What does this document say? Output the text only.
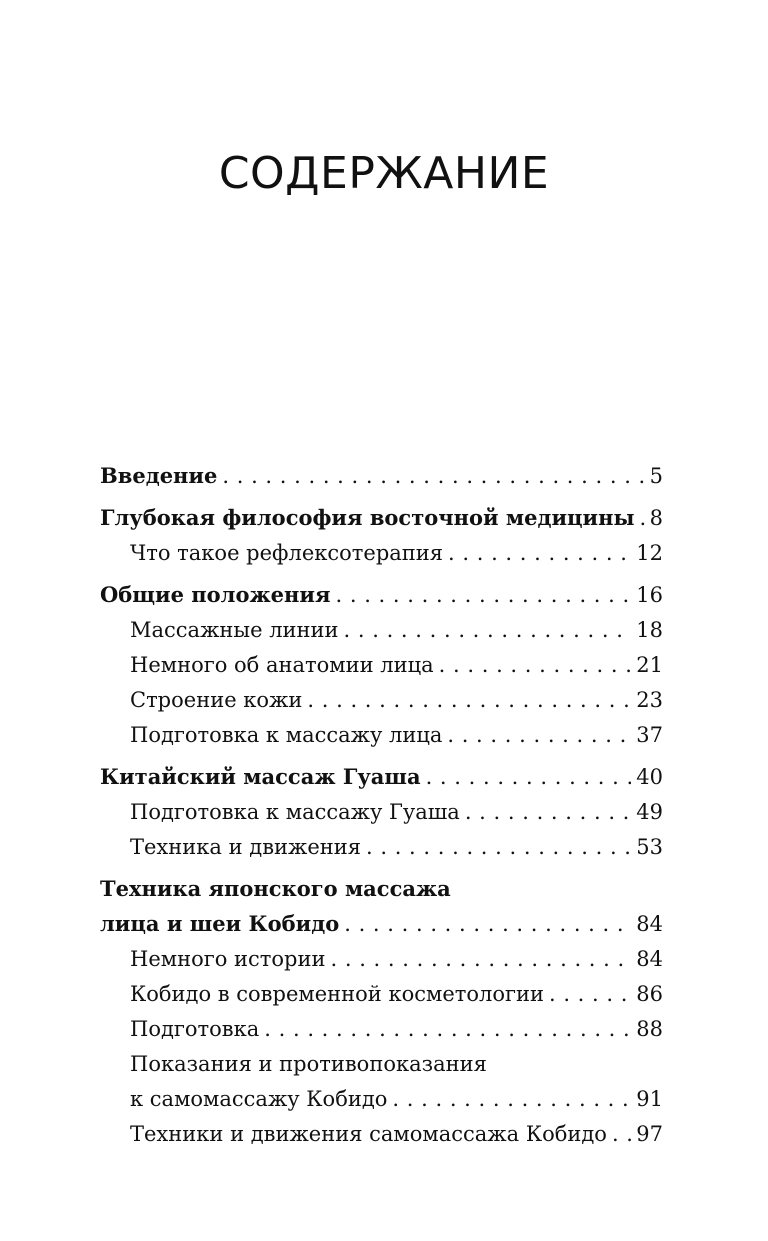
СОДЕРЖАНИЕ
Введение . . .	5
Глубокая философия восточной медицины . . . 8
Что такое рефлексотерапия . . .	12
Общие положения . . .	16
Массажные линии . . .	18
Немного об анатомии лица . . .	21
Строение кожи . . .	23
Подготовка к массажу лица . . .	37
Китайский массаж Гуаша . . .	40
Подготовка к массажу Гуаша . . .	49
Техника и движения . . .	53
Техника японского массажа
лица и шеи Кобидо . . .	84
Немного истории . . .	84
Кобидо в современной косметологии . . .	86
Подготовка . . .	88
Показания и противопоказания
к самомассажу Кобидо . . .	91
Техники и движения самомассажа Кобидо . . . 97
